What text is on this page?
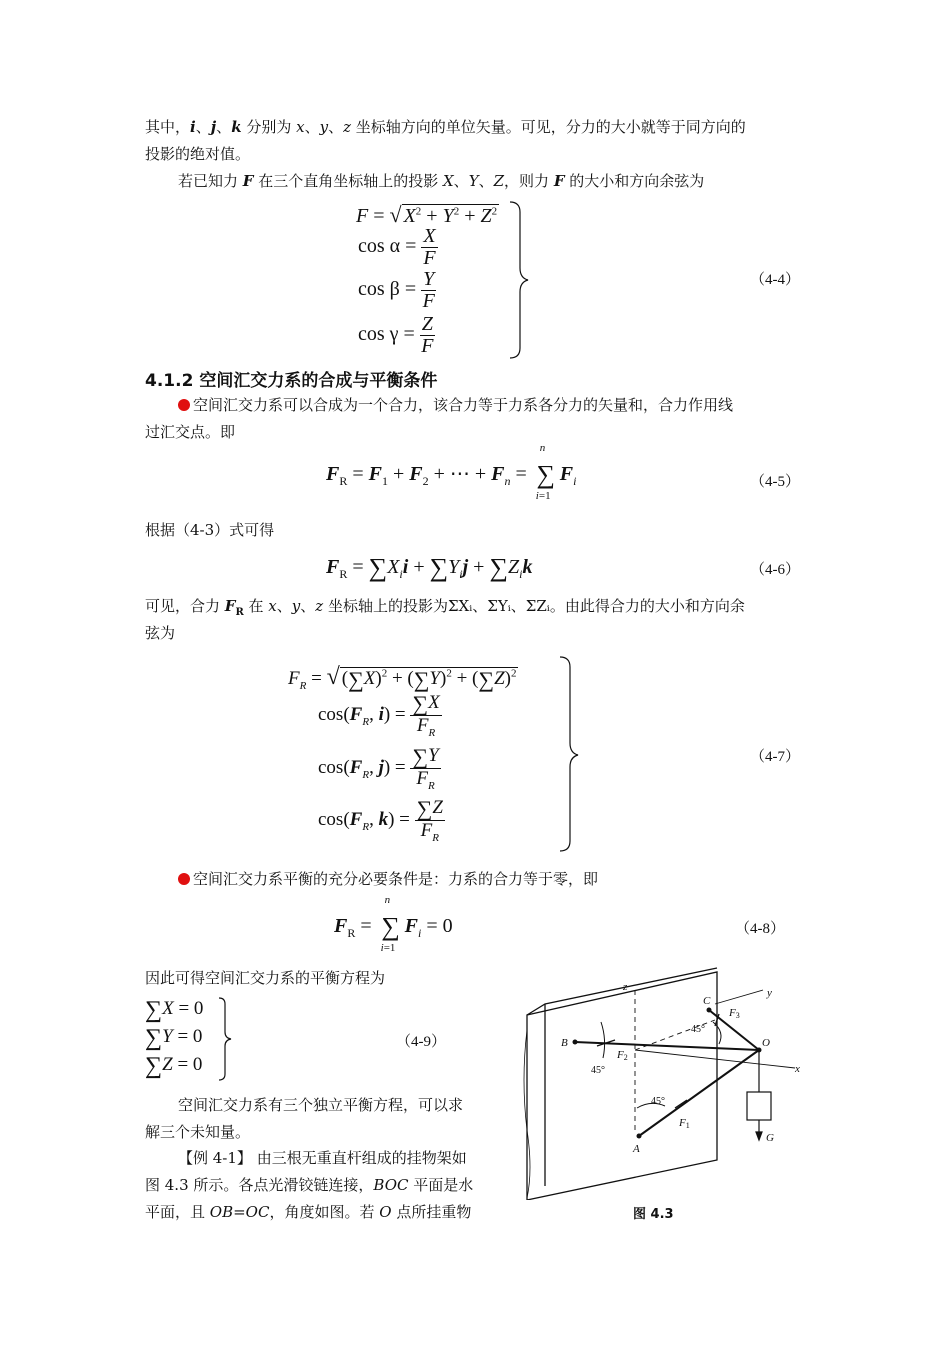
其中，i、j、k 分别为 x、y、z 坐标轴方向的单位矢量。可见，分力的大小就等于同方向的
投影的绝对值。
若已知力 F 在三个直角坐标轴上的投影 X、Y、Z，则力 F 的大小和方向余弦为
F = √ $X^2 + Y^2 + Z^2$
$\cos \alpha = \frac{X}{F}$
$\cos \beta = \frac{Y}{F}$
$\cos \gamma = \frac{Z}{F}$
（4-4）
4.1.2 空间汇交力系的合成与平衡条件
空间汇交力系可以合成为一个合力，该合力等于力系各分力的矢量和，合力作用线
过汇交点。即
$F_R = F_1 + F_2$ + ⋯ + $F_n$ =
n
∑
i=1
$F_i$	（4-5）
根据（4-3）式可得
$F_R = \sum X_ii + \sum Y_ij + \sum Z_ik$	（4-6）
可见，合力 $F_R$ 在 x、y、z 坐标轴上的投影为ΣXᵢ、ΣYᵢ、ΣZᵢ。由此得合力的大小和方向余
弦为
$F_R$ = √ $(\sum X)^2 + (\sum Y)^2 + (\sum Z)^2$
$\cos(F_R$, $i) = \frac{\sum X}{F_R}$
$\cos(F_R$, $j) = \frac{\sum Y}{F_R}$
$\cos(F_R$, $k) = \frac{\sum Z}{F_R}$
（4-7）
空间汇交力系平衡的充分必要条件是：力系的合力等于零，即
$F_R$ =
n
∑
i=1
$F_i = 0$	（4-8）
因此可得空间汇交力系的平衡方程为
∑X = 0
∑Y = 0
∑Z = 0
（4-9）
空间汇交力系有三个独立平衡方程，可以求
解三个未知量。
【例 4-1】 由三根无重直杆组成的挂物架如
图 4.3 所示。各点光滑铰链连接，BOC 平面是水
平面，且 OB=OC，角度如图。若 O 点所挂重物
z	y
x
C
B	O
A
G
F2
F1
F3
45°
45°
45°
图 4.3
